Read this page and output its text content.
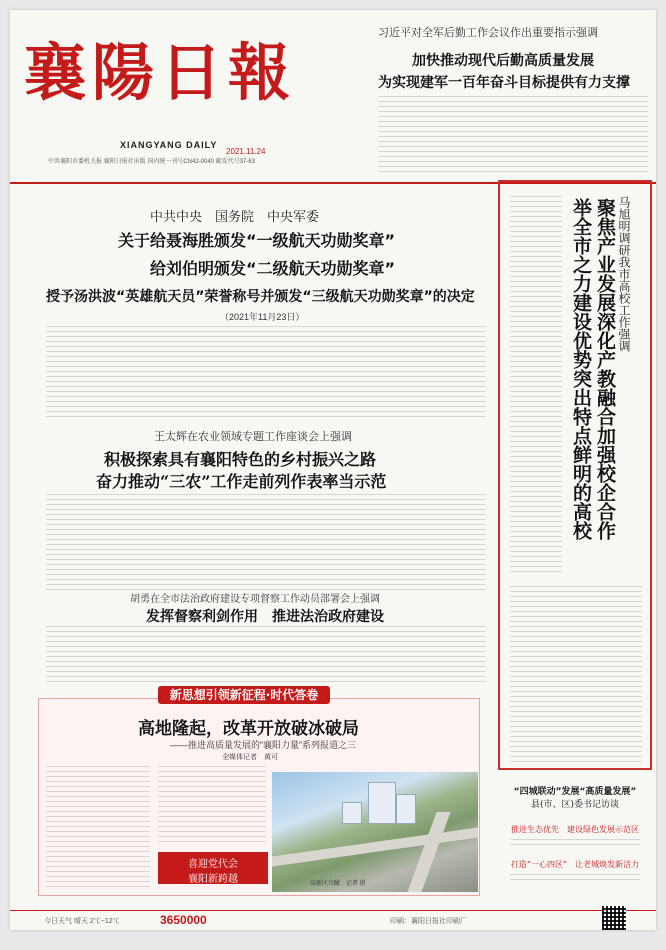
襄陽日報
XIANGYANG DAILY
2021.11.24
中共襄阳市委机关报 襄阳日报社出版 国内统一刊号CN42-0040 邮发代号37-63
习近平对全军后勤工作会议作出重要指示强调
加快推动现代后勤高质量发展
为实现建军一百年奋斗目标提供有力支撑
中共中央　国务院　中央军委
关于给聂海胜颁发“一级航天功勋奖章”
给刘伯明颁发“二级航天功勋奖章”
授予汤洪波“英雄航天员”荣誉称号并颁发“三级航天功勋奖章”的决定
（2021年11月23日）
王太辉在农业领域专题工作座谈会上强调
积极探索具有襄阳特色的乡村振兴之路
奋力推动“三农”工作走前列作表率当示范
胡勇在全市法治政府建设专项督察工作动员部署会上强调
发挥督察利剑作用　推进法治政府建设
新思想引领新征程·时代答卷
高地隆起，改革开放破冰破局
——推进高质量发展的“襄阳力量”系列报道之三
全媒体记者　黄可
喜迎党代会
襄阳新跨越	高新区鸟瞰　记者 摄
马旭明调研我市高校工作强调
聚焦产业发展深化产教融合加强校企合作
举全市之力建设优势突出特点鲜明的高校
“四城联动”发展“高质量发展”
县(市、区)委书记访谈
推进生态优先　建设绿色发展示范区
打造“一心四区”　让老城焕发新活力
今日天气 晴天 2℃~12℃	3650000	印刷：襄阳日报社印刷厂
